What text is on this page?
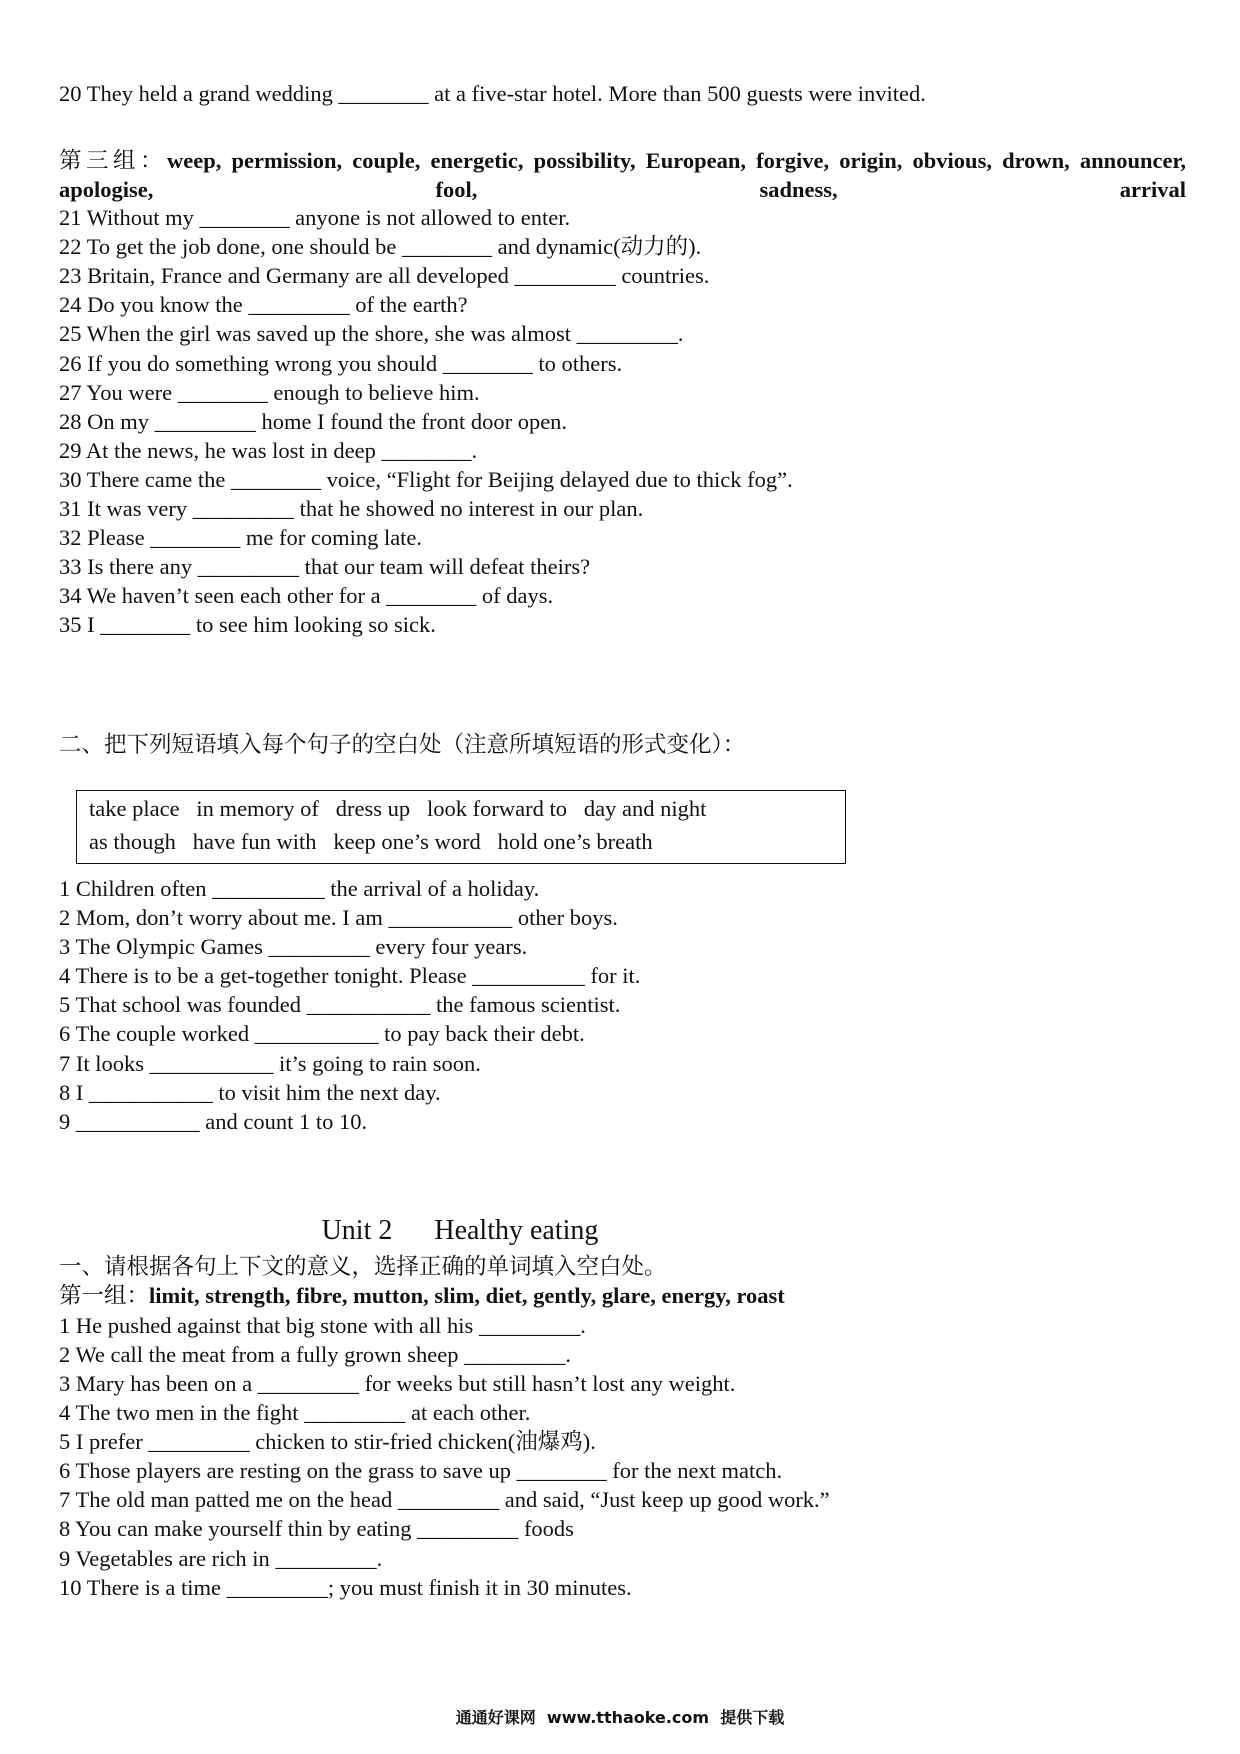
20 They held a grand wedding ________ at a five-star hotel. More than 500 guests were invited.
第三组：weep, permission, couple, energetic, possibility, European, forgive, origin, obvious, drown, announcer, apologise, fool, sadness, arrival
21 Without my ________ anyone is not allowed to enter.
22 To get the job done, one should be ________ and dynamic(动力的).
23 Britain, France and Germany are all developed _________ countries.
24 Do you know the _________ of the earth?
25 When the girl was saved up the shore, she was almost _________.
26 If you do something wrong you should ________ to others.
27 You were ________ enough to believe him.
28 On my _________ home I found the front door open.
29 At the news, he was lost in deep ________.
30 There came the ________ voice, “Flight for Beijing delayed due to thick fog”.
31 It was very _________ that he showed no interest in our plan.
32 Please ________ me for coming late.
33 Is there any _________ that our team will defeat theirs?
34 We haven’t seen each other for a ________ of days.
35 I ________ to see him looking so sick.
二、把下列短语填入每个句子的空白处（注意所填短语的形式变化）：
take place   in memory of   dress up   look forward to   day and night
as though   have fun with   keep one’s word   hold one’s breath
1 Children often __________ the arrival of a holiday.
2 Mom, don’t worry about me. I am ___________ other boys.
3 The Olympic Games _________ every four years.
4 There is to be a get-together tonight. Please __________ for it.
5 That school was founded ___________ the famous scientist.
6 The couple worked ___________ to pay back their debt.
7 It looks ___________ it’s going to rain soon.
8 I ___________ to visit him the next day.
9 ___________ and count 1 to 10.
Unit 2      Healthy eating
一、请根据各句上下文的意义，选择正确的单词填入空白处。
第一组：limit, strength, fibre, mutton, slim, diet, gently, glare, energy, roast
1 He pushed against that big stone with all his _________.
2 We call the meat from a fully grown sheep _________.
3 Mary has been on a _________ for weeks but still hasn’t lost any weight.
4 The two men in the fight _________ at each other.
5 I prefer _________ chicken to stir-fried chicken(油爆鸡).
6 Those players are resting on the grass to save up ________ for the next match.
7 The old man patted me on the head _________ and said, “Just keep up good work.”
8 You can make yourself thin by eating _________ foods
9 Vegetables are rich in _________.
10 There is a time _________; you must finish it in 30 minutes.
通通好课网  www.tthaoke.com  提供下载
